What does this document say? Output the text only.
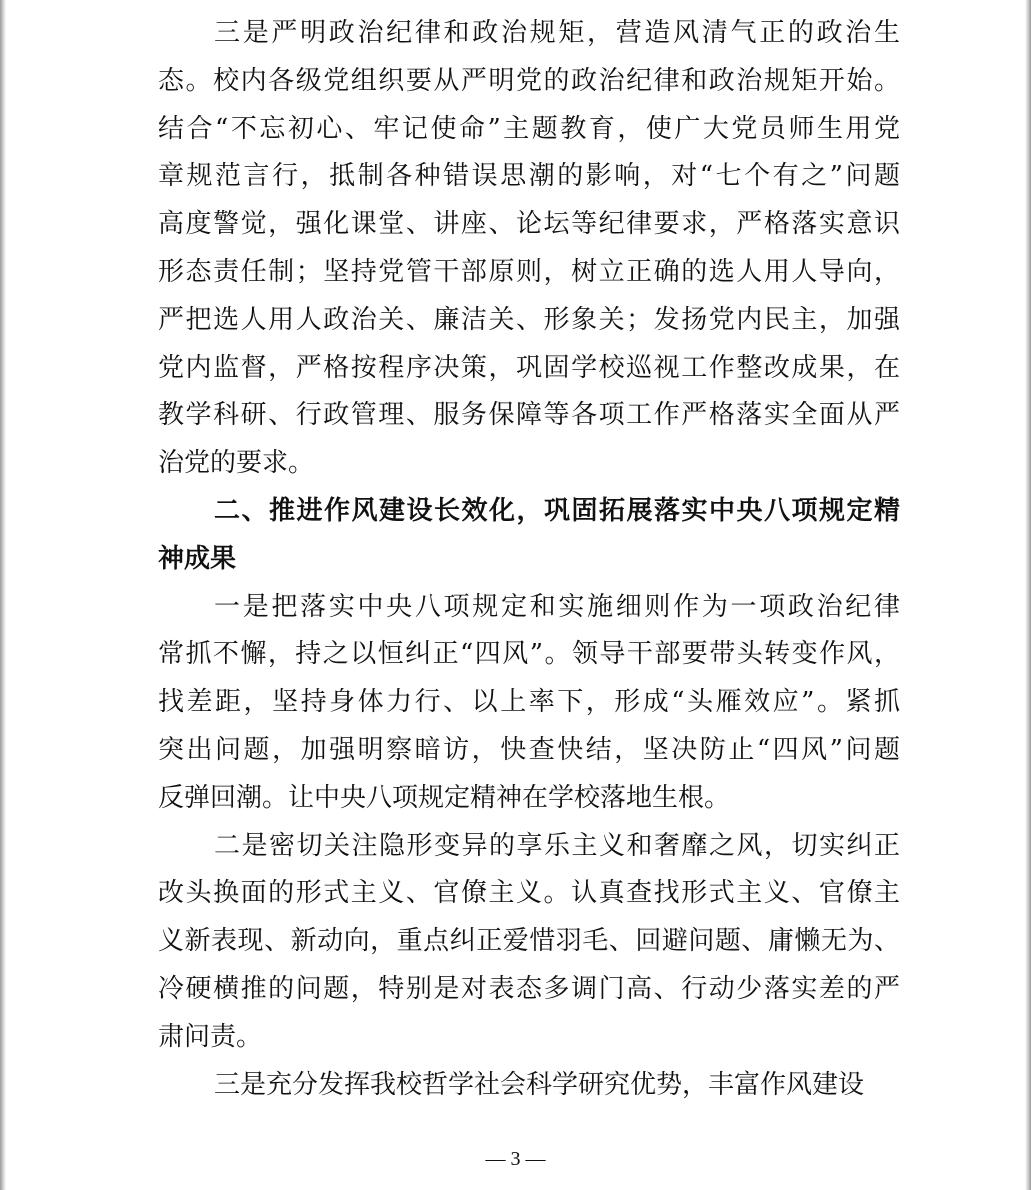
三是严明政治纪律和政治规矩，营造风清气正的政治生
态。校内各级党组织要从严明党的政治纪律和政治规矩开始。
结合“不忘初心、牢记使命”主题教育，使广大党员师生用党
章规范言行，抵制各种错误思潮的影响，对“七个有之”问题
高度警觉，强化课堂、讲座、论坛等纪律要求，严格落实意识
形态责任制；坚持党管干部原则，树立正确的选人用人导向，
严把选人用人政治关、廉洁关、形象关；发扬党内民主，加强
党内监督，严格按程序决策，巩固学校巡视工作整改成果，在
教学科研、行政管理、服务保障等各项工作严格落实全面从严
治党的要求。
二、推进作风建设长效化，巩固拓展落实中央八项规定精
神成果
一是把落实中央八项规定和实施细则作为一项政治纪律
常抓不懈，持之以恒纠正“四风”。领导干部要带头转变作风，
找差距，坚持身体力行、以上率下，形成“头雁效应”。紧抓
突出问题，加强明察暗访，快查快结，坚决防止“四风”问题
反弹回潮。让中央八项规定精神在学校落地生根。
二是密切关注隐形变异的享乐主义和奢靡之风，切实纠正
改头换面的形式主义、官僚主义。认真查找形式主义、官僚主
义新表现、新动向，重点纠正爱惜羽毛、回避问题、庸懒无为、
冷硬横推的问题，特别是对表态多调门高、行动少落实差的严
肃问责。
三是充分发挥我校哲学社会科学研究优势，丰富作风建设
— 3 —
